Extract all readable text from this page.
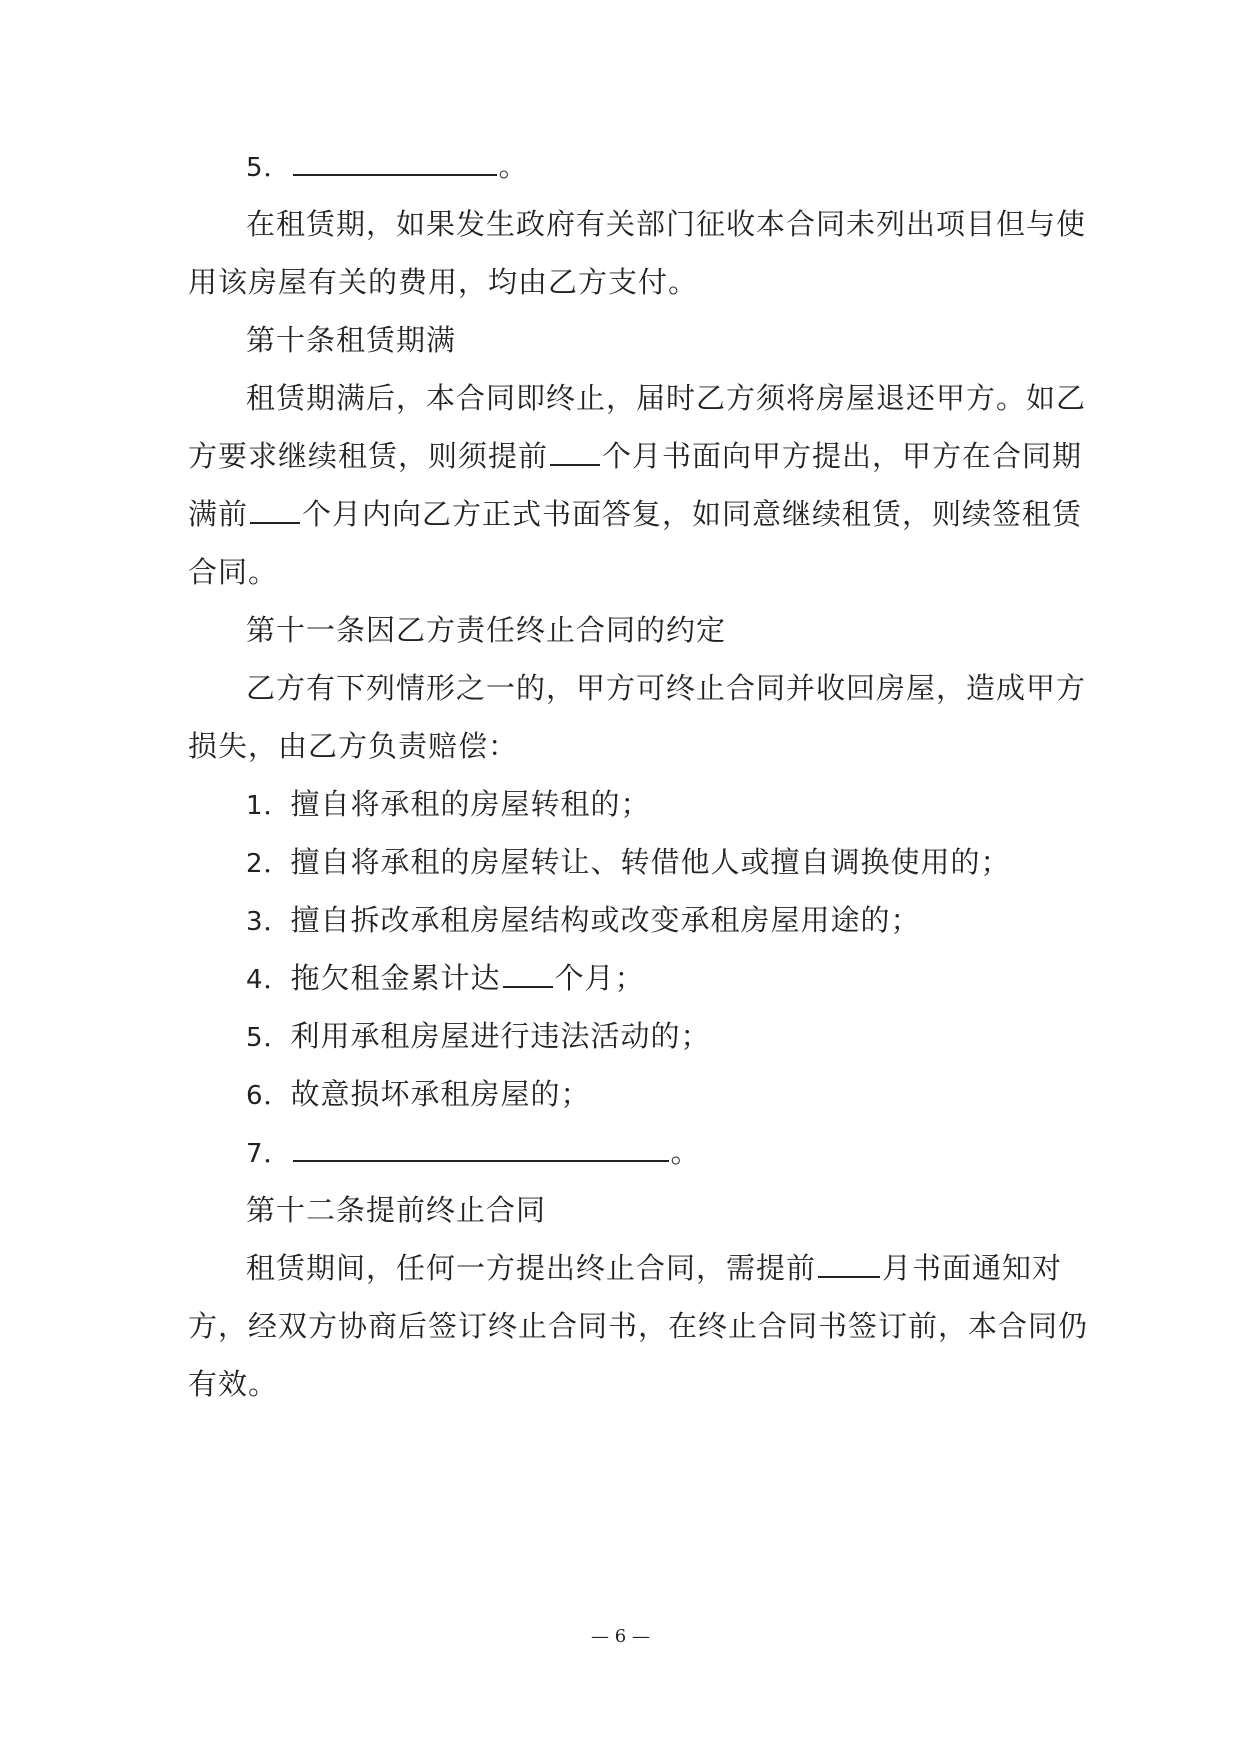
5．	。
在租赁期，如果发生政府有关部门征收本合同未列出项目但与使
用该房屋有关的费用，均由乙方支付。
第十条租赁期满
租赁期满后，本合同即终止，届时乙方须将房屋退还甲方。如乙
方要求继续租赁，则须提前 个月书面向甲方提出，甲方在合同期
满前 个月内向乙方正式书面答复，如同意继续租赁，则续签租赁
合同。
第十一条因乙方责任终止合同的约定
乙方有下列情形之一的，甲方可终止合同并收回房屋，造成甲方
损失，由乙方负责赔偿：
1．擅自将承租的房屋转租的；
2．擅自将承租的房屋转让、转借他人或擅自调换使用的；
3．擅自拆改承租房屋结构或改变承租房屋用途的；
4．拖欠租金累计达 个月；
5．利用承租房屋进行违法活动的；
6．故意损坏承租房屋的；
7．	。
第十二条提前终止合同
租赁期间，任何一方提出终止合同，需提前 月书面通知对
方，经双方协商后签订终止合同书，在终止合同书签订前，本合同仍
有效。
— 6 —
